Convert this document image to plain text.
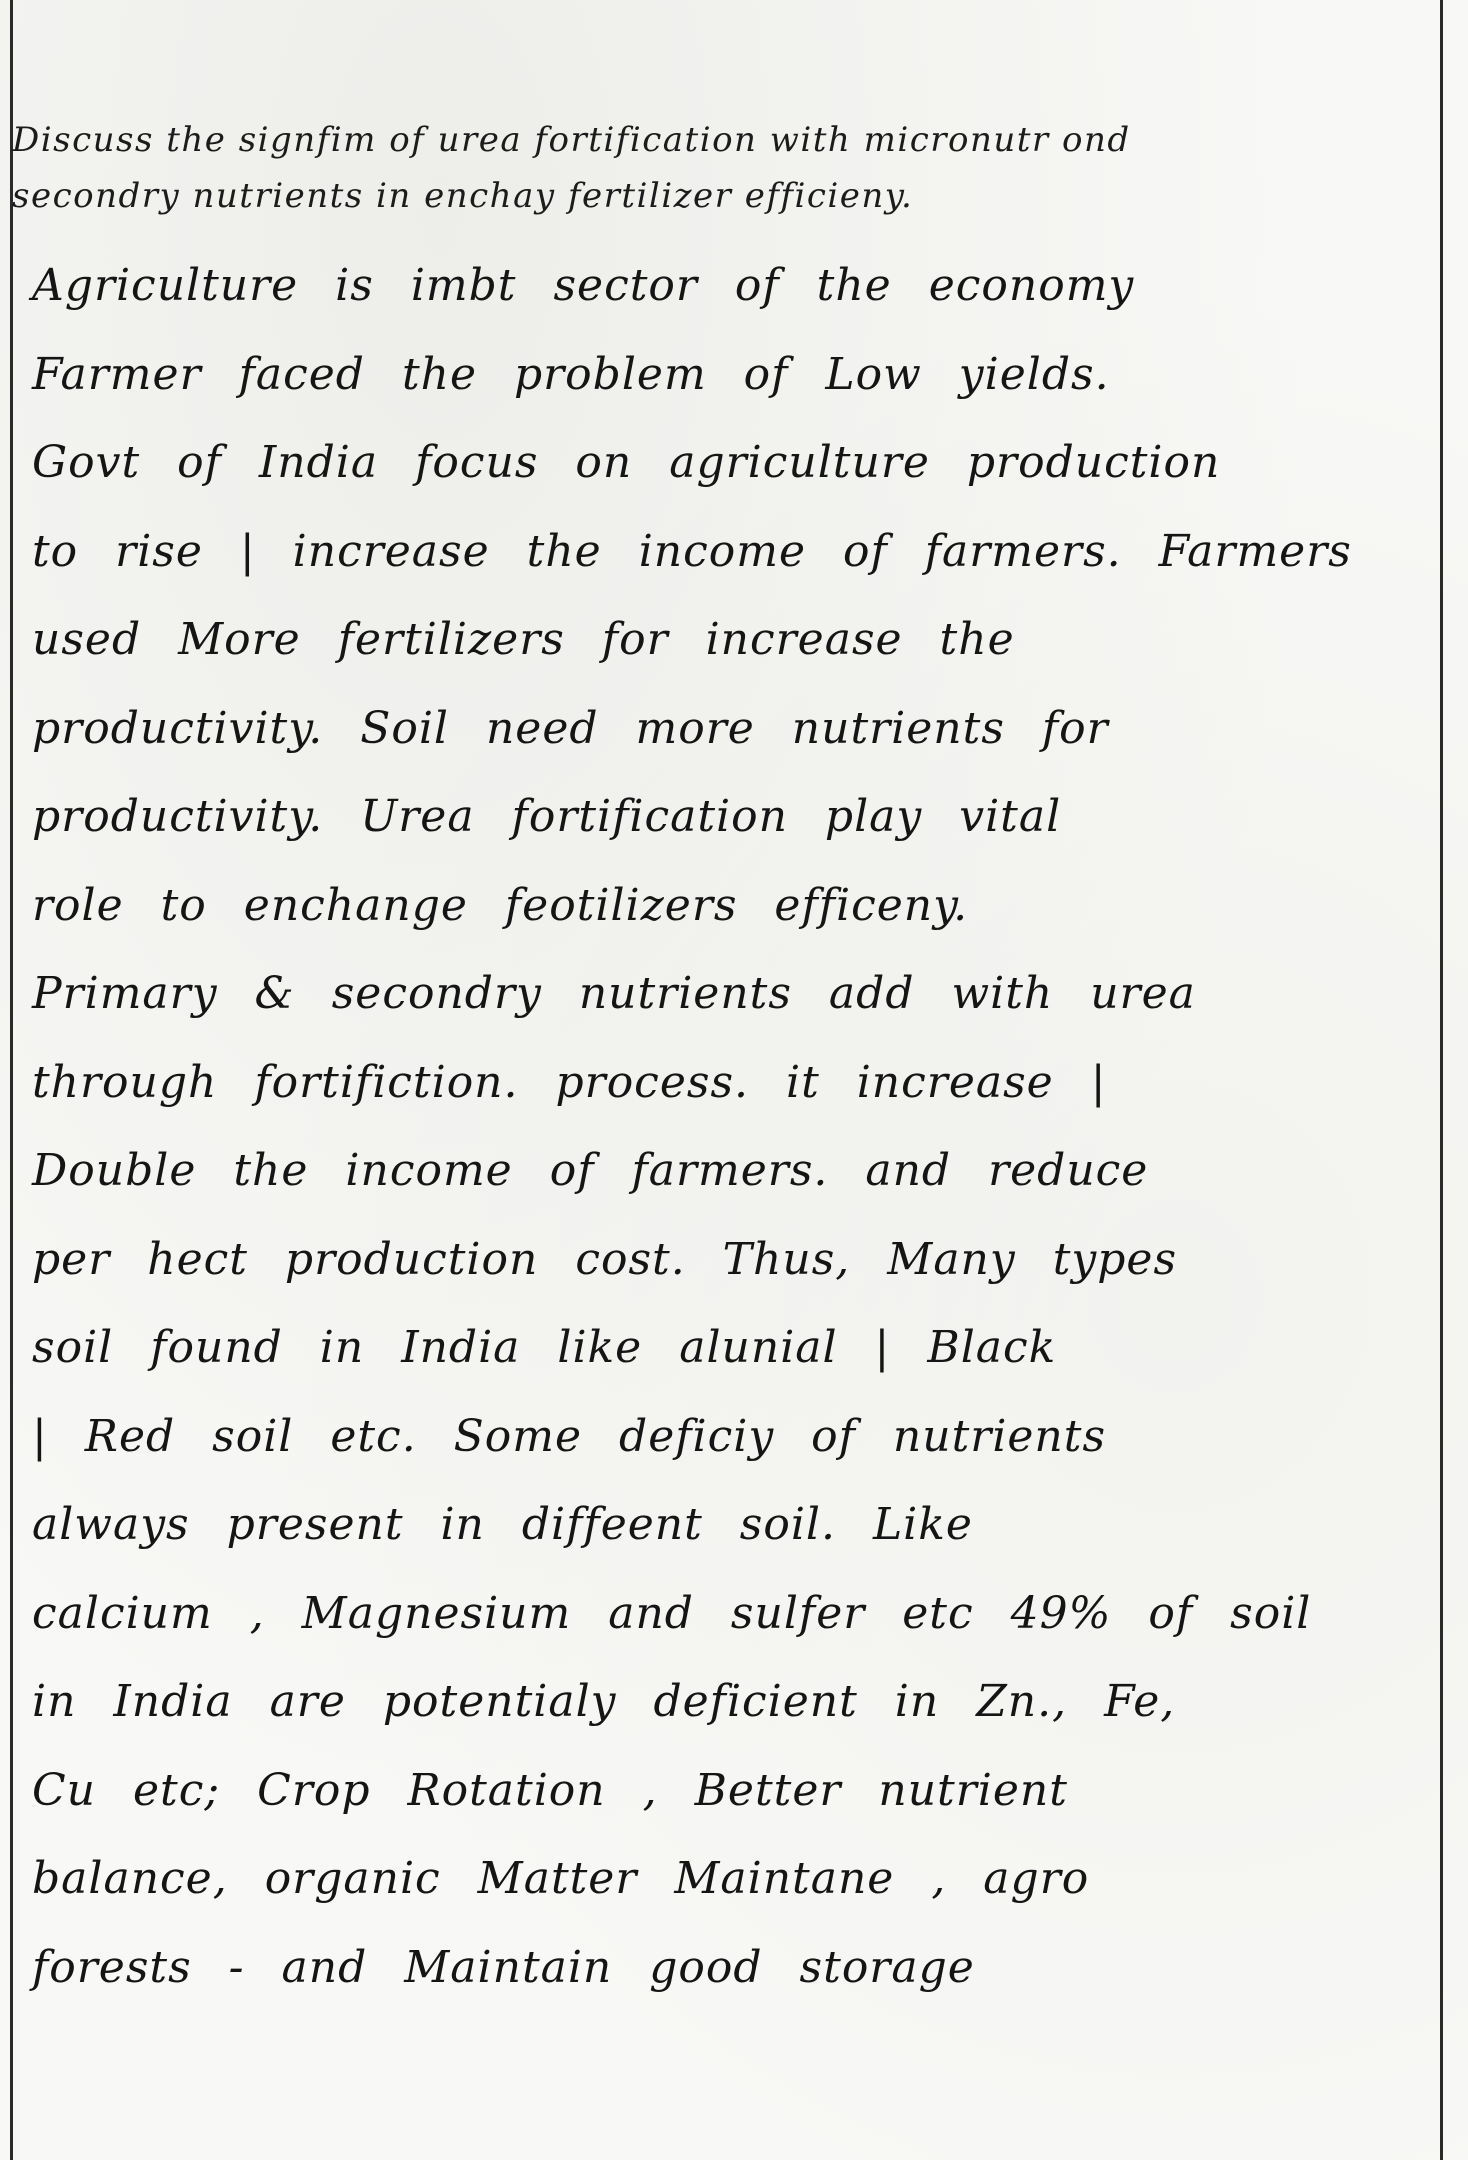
Discuss the signfim of urea fortification with micronutr ond
secondry nutrients in enchay fertilizer efficieny.
Agriculture is imbt sector of the economy
Farmer faced the problem of Low yields.
Govt of India focus on agriculture production
to rise | increase the income of farmers. Farmers
used More fertilizers for increase the
productivity. Soil need more nutrients for
productivity. Urea fortification play vital
role to enchange feotilizers efficeny.
Primary & secondry nutrients add with urea
through fortifiction. process. it increase |
Double the income of farmers. and reduce
per hect production cost. Thus, Many types
soil found in India like alunial | Black
| Red soil etc. Some deficiy of nutrients
always present in diffeent soil. Like
calcium , Magnesium and sulfer etc 49% of soil
in India are potentialy deficient in Zn., Fe,
Cu etc; Crop Rotation , Better nutrient
balance, organic Matter Maintane , agro
forests - and Maintain good storage
